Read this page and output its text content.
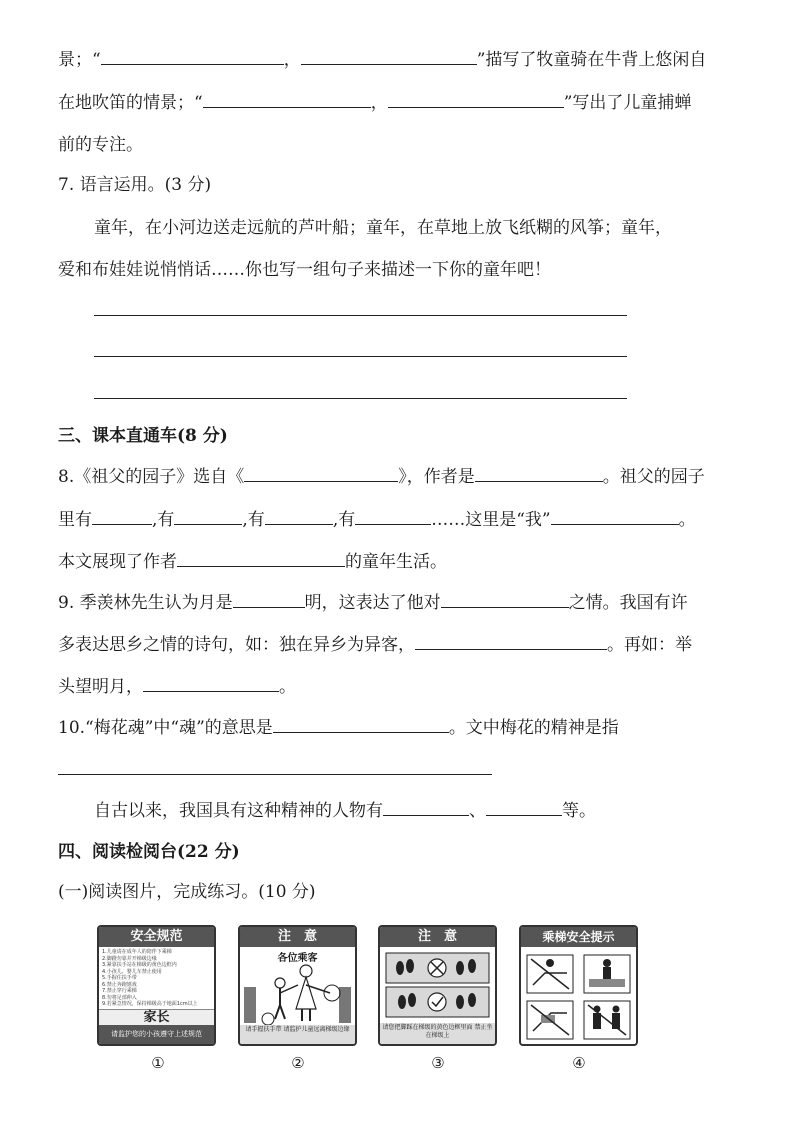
景；“	，	”描写了牧童骑在牛背上悠闲自
在地吹笛的情景；“	，	”写出了儿童捕蝉
前的专注。
7. 语言运用。(3 分)
童年，在小河边送走远航的芦叶船；童年，在草地上放飞纸糊的风筝；童年，
爱和布娃娃说悄悄话……你也写一组句子来描述一下你的童年吧！
三、课本直通车(8 分)
8.《祖父的园子》选自《	》，作者是	。祖父的园子
里有	,有	,有	,有	……这里是“我”	。
本文展现了作者	的童年生活。
9. 季羡林先生认为月是	明，这表达了他对	之情。我国有许
多表达思乡之情的诗句，如：独在异乡为异客，	。再如：举
头望明月，	。
10.“梅花魂”中“魂”的意思是	。文中梅花的精神是指
自古以来，我国具有这种精神的人物有	、	等。
四、阅读检阅台(22 分)
(一)阅读图片，完成练习。(10 分)
安全规范
1.儿童请在成年人的陪伴下乘梯
2.脚蹬勿靠并开梯级边缘
3.紧靠扶手站在梯级的黄色边框内
4.小孩儿、婴儿车禁止使用
5.手握住扶手带
6.禁止奔跑嬉戏
7.禁止穿行乘梯
8.勿将足部伸入
9.若紧急情况，保持梯级高于地面1cm以上
家长
请监护您的小孩遵守上述规范
①
注　意
各位乘客
请手握扶手带 请监护儿童远离梯级边缘
②
注　意
请您把脚踩在梯级的黄色边框里面 禁止坐在梯级上
③
乘梯安全提示
④
